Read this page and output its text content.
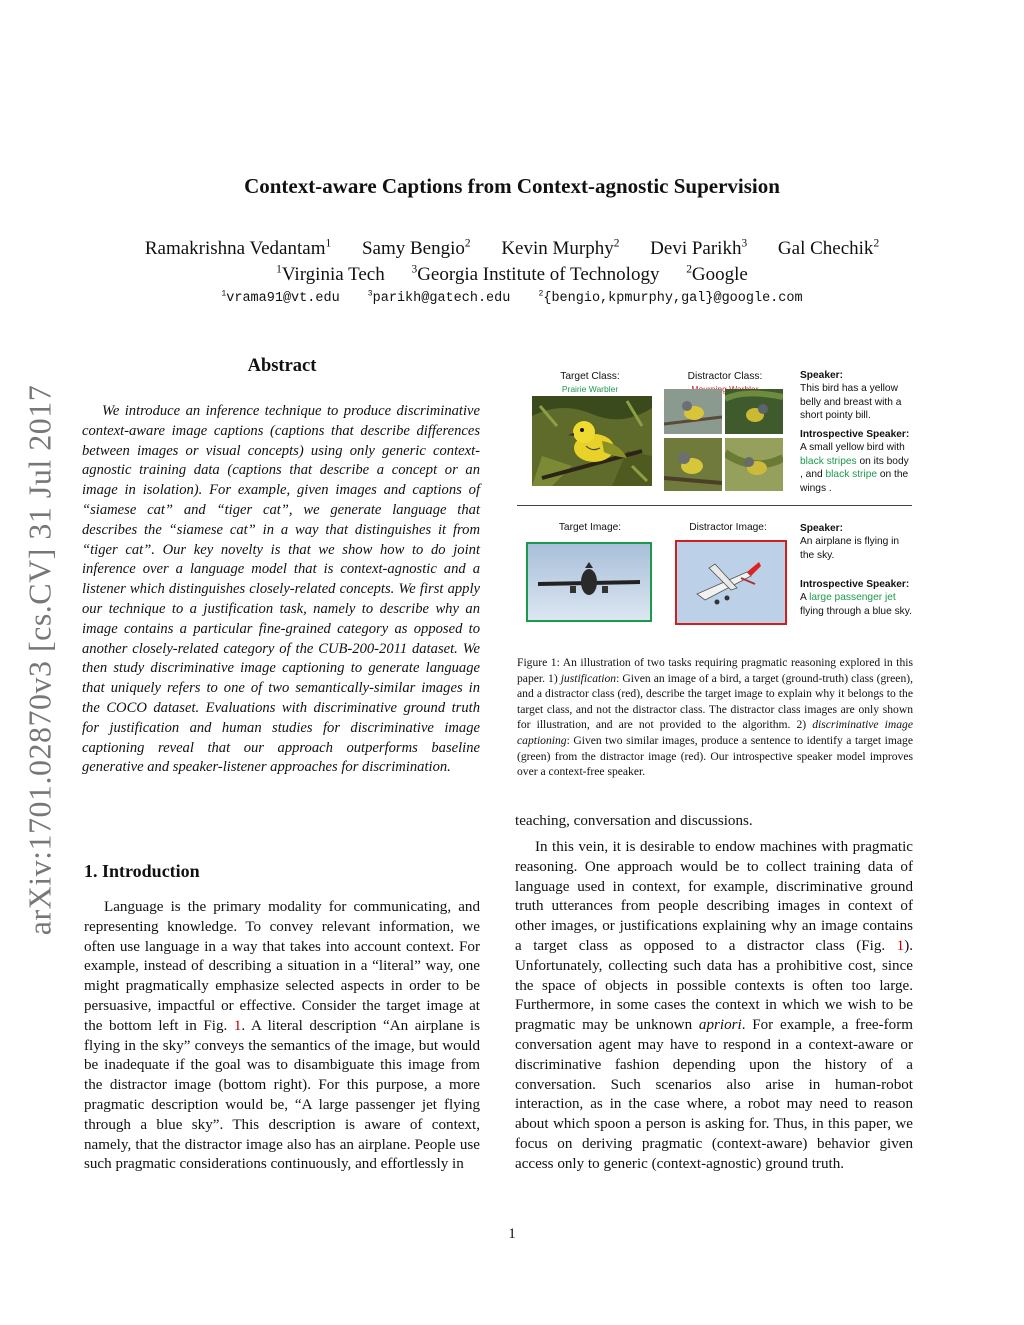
arXiv:1701.02870v3 [cs.CV] 31 Jul 2017
Context-aware Captions from Context-agnostic Supervision
Ramakrishna Vedantam$^1$ Samy Bengio$^2$ Kevin Murphy$^2$ Devi Parikh$^3$ Gal Chechik$^2$
$^1$Virginia Tech $^3$Georgia Institute of Technology $^2$Google
$^1$vrama91@vt.edu	$^3$parikh@gatech.edu	$^2${bengio,kpmurphy,gal}@google.com
Abstract
We introduce an inference technique to produce discriminative context-aware image captions (captions that describe differences between images or visual concepts) using only generic context-agnostic training data (captions that describe a concept or an image in isolation). For example, given images and captions of “siamese cat” and “tiger cat”, we generate language that describes the “siamese cat” in a way that distinguishes it from “tiger cat”. Our key novelty is that we show how to do joint inference over a language model that is context-agnostic and a listener which distinguishes closely-related concepts. We first apply our technique to a justification task, namely to describe why an image contains a particular fine-grained category as opposed to another closely-related category of the CUB-200-2011 dataset. We then study discriminative image captioning to generate language that uniquely refers to one of two semantically-similar images in the COCO dataset. Evaluations with discriminative ground truth for justification and human studies for discriminative image captioning reveal that our approach outperforms baseline generative and speaker-listener approaches for discrimination.
1. Introduction
Language is the primary modality for communicating, and representing knowledge. To convey relevant information, we often use language in a way that takes into account context. For example, instead of describing a situation in a “literal” way, one might pragmatically emphasize selected aspects in order to be persuasive, impactful or effective. Consider the target image at the bottom left in Fig. 1. A literal description “An airplane is flying in the sky” conveys the semantics of the image, but would be inadequate if the goal was to disambiguate this image from the distractor image (bottom right). For this purpose, a more pragmatic description would be, “A large passenger jet flying through a blue sky”. This description is aware of context, namely, that the distractor image also has an airplane. People use such pragmatic considerations continuously, and effortlessly in
teaching, conversation and discussions.
In this vein, it is desirable to endow machines with pragmatic reasoning. One approach would be to collect training data of language used in context, for example, discriminative ground truth utterances from people describing images in context of other images, or justifications explaining why an image contains a target class as opposed to a distractor class (Fig. 1). Unfortunately, collecting such data has a prohibitive cost, since the space of objects in possible contexts is often too large. Furthermore, in some cases the context in which we wish to be pragmatic may be unknown apriori. For example, a free-form conversation agent may have to respond in a context-aware or discriminative fashion depending upon the history of a conversation. Such scenarios also arise in human-robot interaction, as in the case where, a robot may need to reason about which spoon a person is asking for. Thus, in this paper, we focus on deriving pragmatic (context-aware) behavior given access only to generic (context-agnostic) ground truth.
Target Class:
Prairie Warbler
Distractor Class:	Speaker:
This bird has a yellow belly and breast with a short pointy bill.
Introspective Speaker:
A small yellow bird with black stripes on its body , and black stripe on the wings .
Target Image:	Distractor Image:	Speaker:
An airplane is flying in the sky.
Introspective Speaker:
A large passenger jet flying through a blue sky.
Figure 1: An illustration of two tasks requiring pragmatic reasoning explored in this paper. 1) justification: Given an image of a bird, a target (ground-truth) class (green), and a distractor class (red), describe the target image to explain why it belongs to the target class, and not the distractor class. The distractor class images are only shown for illustration, and are not provided to the algorithm. 2) discriminative image captioning: Given two similar images, produce a sentence to identify a target image (green) from the distractor image (red). Our introspective speaker model improves over a context-free speaker.
1
